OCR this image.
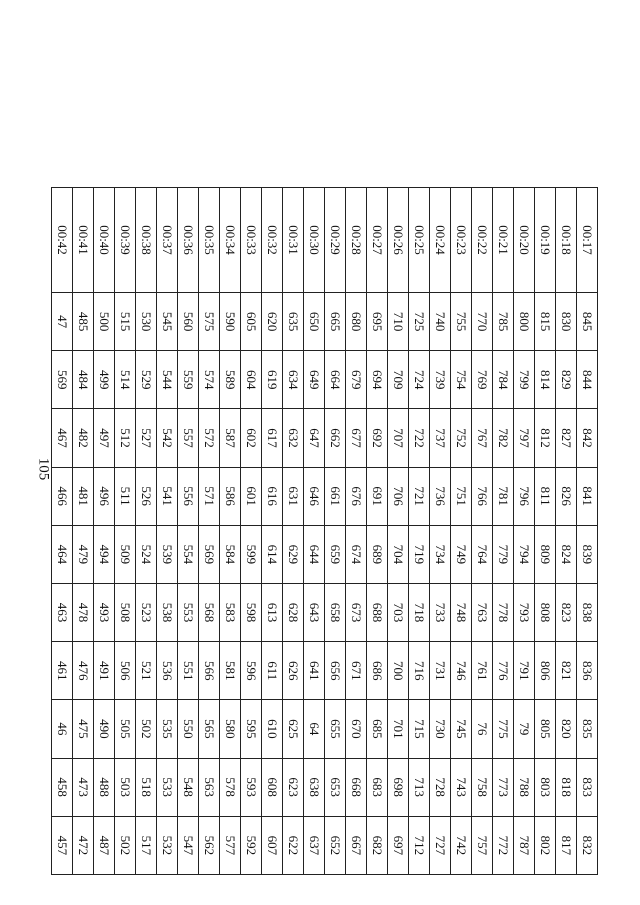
105
00:17	845	844	842	841	839	838	836	835	833	832
00:18	830	829	827	826	824	823	821	820	818	817
00:19	815	814	812	811	809	808	806	805	803	802
00:20	800	799	797	796	794	793	791	79	788	787
00:21	785	784	782	781	779	778	776	775	773	772
00:22	770	769	767	766	764	763	761	76	758	757
00:23	755	754	752	751	749	748	746	745	743	742
00:24	740	739	737	736	734	733	731	730	728	727
00:25	725	724	722	721	719	718	716	715	713	712
00:26	710	709	707	706	704	703	700	701	698	697
00:27	695	694	692	691	689	688	686	685	683	682
00:28	680	679	677	676	674	673	671	670	668	667
00:29	665	664	662	661	659	658	656	655	653	652
00:30	650	649	647	646	644	643	641	64	638	637
00:31	635	634	632	631	629	628	626	625	623	622
00:32	620	619	617	616	614	613	611	610	608	607
00:33	605	604	602	601	599	598	596	595	593	592
00:34	590	589	587	586	584	583	581	580	578	577
00:35	575	574	572	571	569	568	566	565	563	562
00:36	560	559	557	556	554	553	551	550	548	547
00:37	545	544	542	541	539	538	536	535	533	532
00:38	530	529	527	526	524	523	521	502	518	517
00:39	515	514	512	511	509	508	506	505	503	502
00:40	500	499	497	496	494	493	491	490	488	487
00:41	485	484	482	481	479	478	476	475	473	472
00:42	47	569	467	466	464	463	461	46	458	457
